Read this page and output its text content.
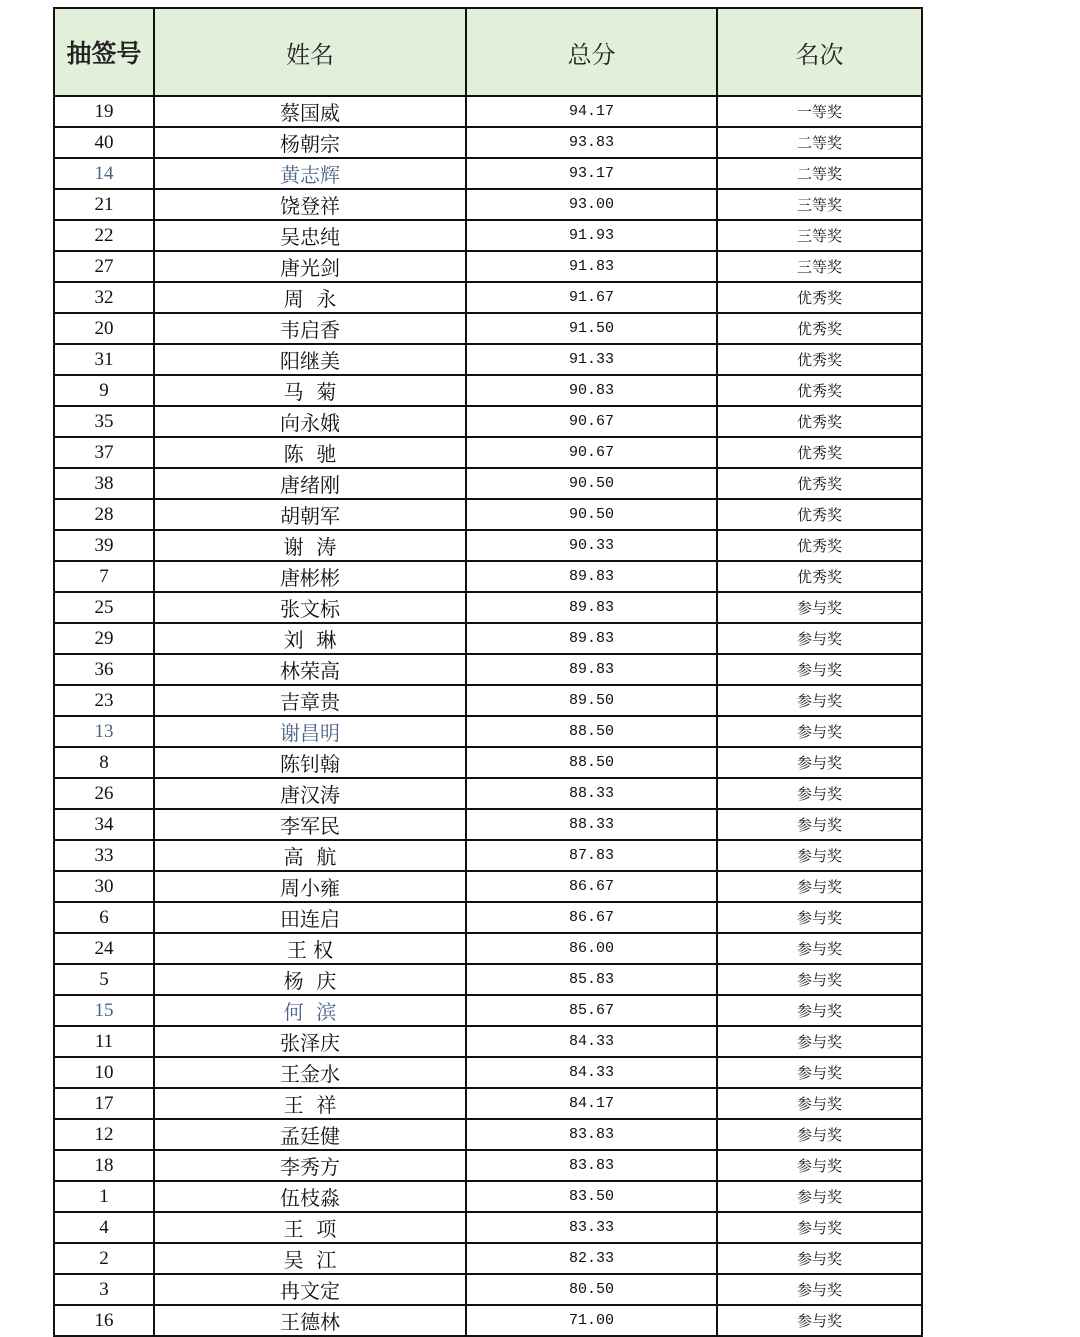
抽签号	姓名	总分	名次
19	蔡国威	94.17	一等奖
40	杨朝宗	93.83	二等奖
14	黄志辉	93.17	二等奖
21	饶登祥	93.00	三等奖
22	吴忠纯	91.93	三等奖
27	唐光剑	91.83	三等奖
32	周  永	91.67	优秀奖
20	韦启香	91.50	优秀奖
31	阳继美	91.33	优秀奖
9	马  菊	90.83	优秀奖
35	向永娥	90.67	优秀奖
37	陈  驰	90.67	优秀奖
38	唐绪刚	90.50	优秀奖
28	胡朝军	90.50	优秀奖
39	谢  涛	90.33	优秀奖
7	唐彬彬	89.83	优秀奖
25	张文标	89.83	参与奖
29	刘  琳	89.83	参与奖
36	林荣高	89.83	参与奖
23	吉章贵	89.50	参与奖
13	谢昌明	88.50	参与奖
8	陈钊翰	88.50	参与奖
26	唐汉涛	88.33	参与奖
34	李军民	88.33	参与奖
33	高  航	87.83	参与奖
30	周小雍	86.67	参与奖
6	田连启	86.67	参与奖
24	王 权	86.00	参与奖
5	杨  庆	85.83	参与奖
15	何  滨	85.67	参与奖
11	张泽庆	84.33	参与奖
10	王金水	84.33	参与奖
17	王  祥	84.17	参与奖
12	孟廷健	83.83	参与奖
18	李秀方	83.83	参与奖
1	伍枝淼	83.50	参与奖
4	王  项	83.33	参与奖
2	吴  江	82.33	参与奖
3	冉文定	80.50	参与奖
16	王德林	71.00	参与奖
